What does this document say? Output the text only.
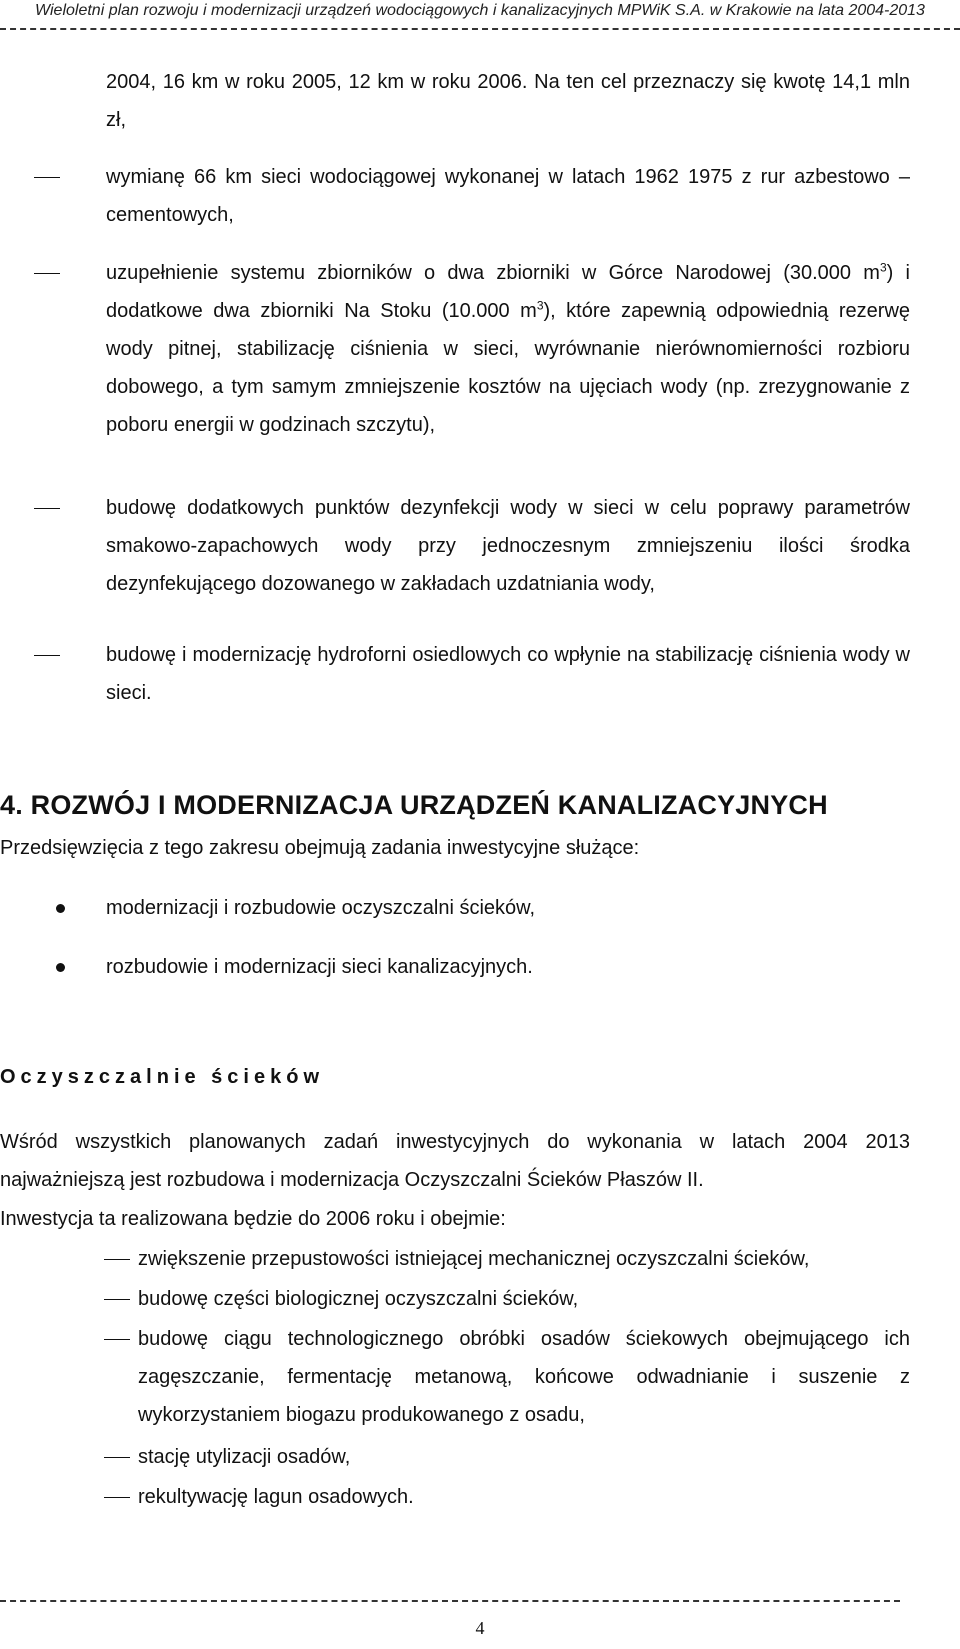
Wieloletni plan rozwoju i modernizacji urządzeń wodociągowych i kanalizacyjnych MPWiK S.A. w Krakowie na lata 2004-2013

2004, 16 km w roku 2005, 12 km w roku 2006. Na ten cel przeznaczy się kwotę 14,1 mln zł,

wymianę 66 km sieci wodociągowej wykonanej w latach 1962 1975 z rur azbestowo – cementowych,
uzupełnienie systemu zbiorników o dwa zbiorniki w Górce Narodowej (30.000 $m^3$) i dodatkowe dwa zbiorniki Na Stoku (10.000 $m^3$), które zapewnią odpowiednią rezerwę wody pitnej, stabilizację ciśnienia w sieci, wyrównanie nierównomierności rozbioru dobowego, a tym samym zmniejszenie kosztów na ujęciach wody (np. zrezygnowanie z poboru energii w godzinach szczytu),
budowę dodatkowych punktów dezynfekcji wody w sieci w celu poprawy parametrów smakowo-zapachowych wody przy jednoczesnym zmniejszeniu ilości środka dezynfekującego dozowanego w zakładach uzdatniania wody,
budowę i modernizację hydroforni osiedlowych co wpłynie na stabilizację ciśnienia wody w sieci.
4. ROZWÓJ I MODERNIZACJA URZĄDZEŃ KANALIZACYJNYCH

Przedsięwzięcia z tego zakresu obejmują zadania inwestycyjne służące:

modernizacji i rozbudowie oczyszczalni ścieków,
rozbudowie i modernizacji sieci kanalizacyjnych.
Oczyszczalnie ścieków

Wśród wszystkich planowanych zadań inwestycyjnych do wykonania w latach 2004 2013 najważniejszą jest rozbudowa i modernizacja Oczyszczalni Ścieków Płaszów II.

Inwestycja ta realizowana będzie do 2006 roku i obejmie:

zwiększenie przepustowości istniejącej mechanicznej oczyszczalni ścieków,
budowę części biologicznej oczyszczalni ścieków,
budowę ciągu technologicznego obróbki osadów ściekowych obejmującego ich zagęszczanie, fermentację metanową, końcowe odwadnianie i suszenie z wykorzystaniem biogazu produkowanego z osadu,
stację utylizacji osadów,
rekultywację lagun osadowych.
4
